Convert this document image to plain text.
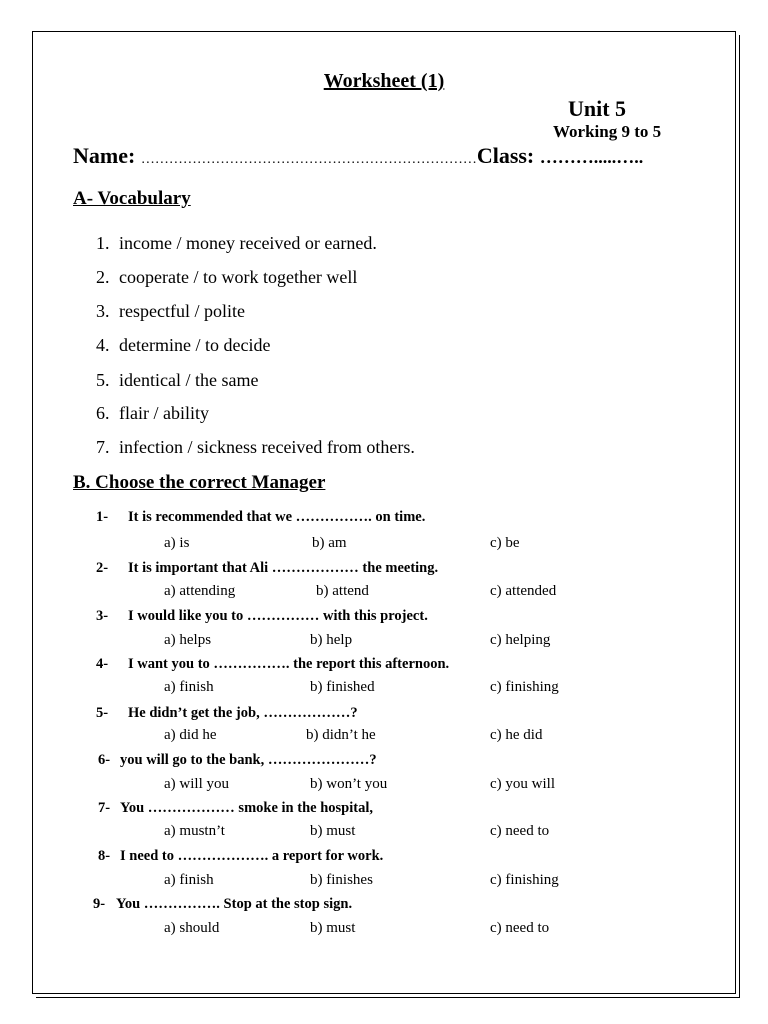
Worksheet (1)
Unit 5
Working 9 to 5
Name: ………………………………………………………………Class: ……….....…..
A- Vocabulary
1. income / money received or earned.
2. cooperate / to work together well
3. respectful / polite
4. determine / to decide
5. identical / the same
6. flair / ability
7. infection / sickness received from others.
B. Choose the correct Manager
1- It is recommended that we ……………. on time.
a) is	b) am	c) be
2- It is important that Ali ……………… the meeting.
a) attending	b) attend	c) attended
3- I would like you to …………… with this project.
a) helps	b) help	c) helping
4- I want you to ……………. the report this afternoon.
a) finish	b) finished	c) finishing
5- He didn’t get the job, ………………?
a) did he	b) didn’t he	c) he did
6- you will go to the bank, …………………?
a) will you	b) won’t you	c) you will
7- You ……………… smoke in the hospital,
a) mustn’t	b) must	c) need to
8- I need to ………………. a report for work.
a) finish	b) finishes	c) finishing
9- You ……………. Stop at the stop sign.
a) should	b) must	c) need to
